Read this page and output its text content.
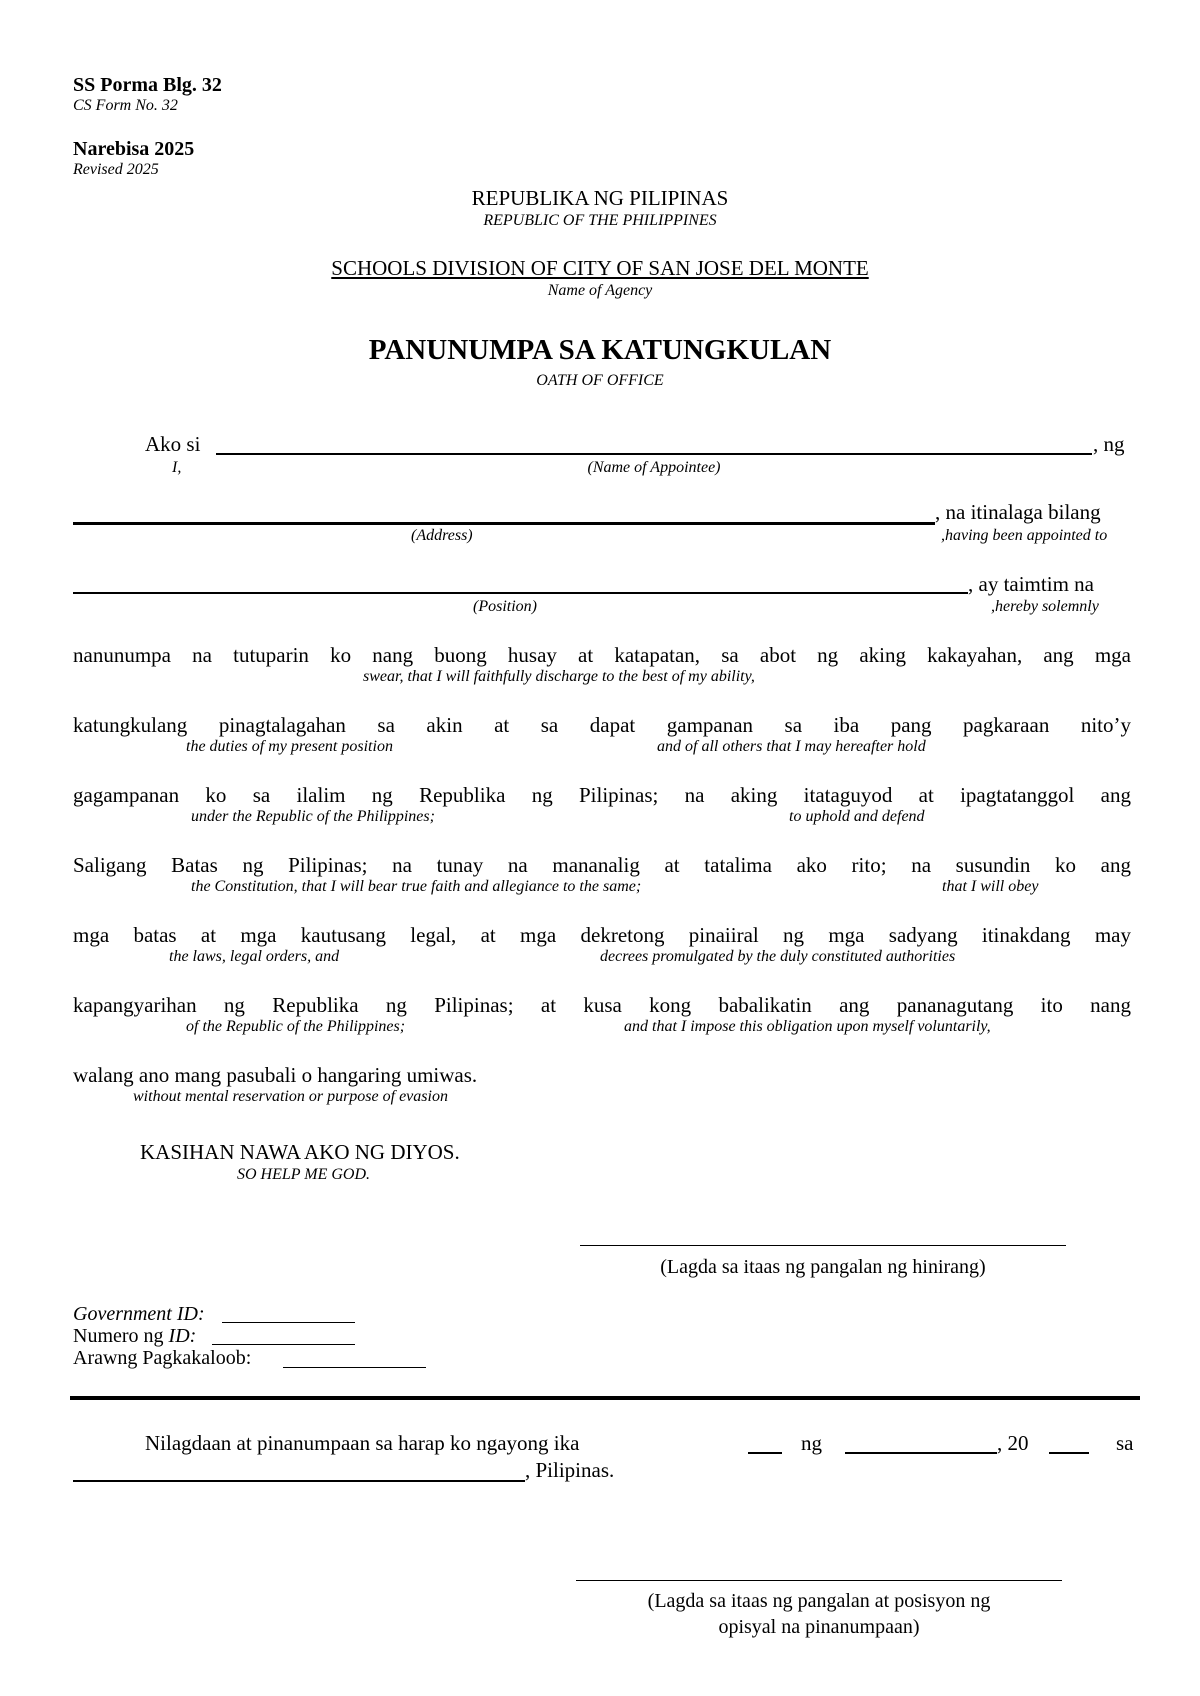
SS Porma Blg. 32
CS Form No. 32
Narebisa 2025
Revised 2025
REPUBLIKA NG PILIPINAS
REPUBLIC OF THE PHILIPPINES
SCHOOLS DIVISION OF CITY OF SAN JOSE DEL MONTE
Name of Agency
PANUNUMPA SA KATUNGKULAN
OATH OF OFFICE
Ako si	, ng
I,	(Name of Appointee)
, na itinalaga bilang
(Address)	,having been appointed to
, ay taimtim na
(Position)	,hereby solemnly
nanunumpa na tutuparin ko nang buong husay at katapatan, sa abot ng aking kakayahan, ang mga
swear, that I will faithfully discharge to the best of my ability,
katungkulang pinagtalagahan sa akin at sa dapat gampanan sa iba pang pagkaraan nito’y
the duties of my present position	and of all others that I may hereafter hold
gagampanan ko sa ilalim ng Republika ng Pilipinas; na aking itataguyod at ipagtatanggol ang
under the Republic of the Philippines;	to uphold and defend
Saligang Batas ng Pilipinas; na tunay na mananalig at tatalima ako rito; na susundin ko ang
the Constitution, that I will bear true faith and allegiance to the same;	that I will obey
mga batas at mga kautusang legal, at mga dekretong pinaiiral ng mga sadyang itinakdang may
the laws, legal orders, and	decrees promulgated by the duly constituted authorities
kapangyarihan ng Republika ng Pilipinas; at kusa kong babalikatin ang pananagutang ito nang
of the Republic of the Philippines;	and that I impose this obligation upon myself voluntarily,
walang ano mang pasubali o hangaring umiwas.
without mental reservation or purpose of evasion
KASIHAN NAWA AKO NG DIYOS.
SO HELP ME GOD.
(Lagda sa itaas ng pangalan ng hinirang)
Government ID:
Numero ng ID:
Arawng Pagkakaloob:
Nilagdaan at pinanumpaan sa harap ko ngayong ika	ng	, 20	sa
, Pilipinas.
(Lagda sa itaas ng pangalan at posisyon ng
opisyal na pinanumpaan)
